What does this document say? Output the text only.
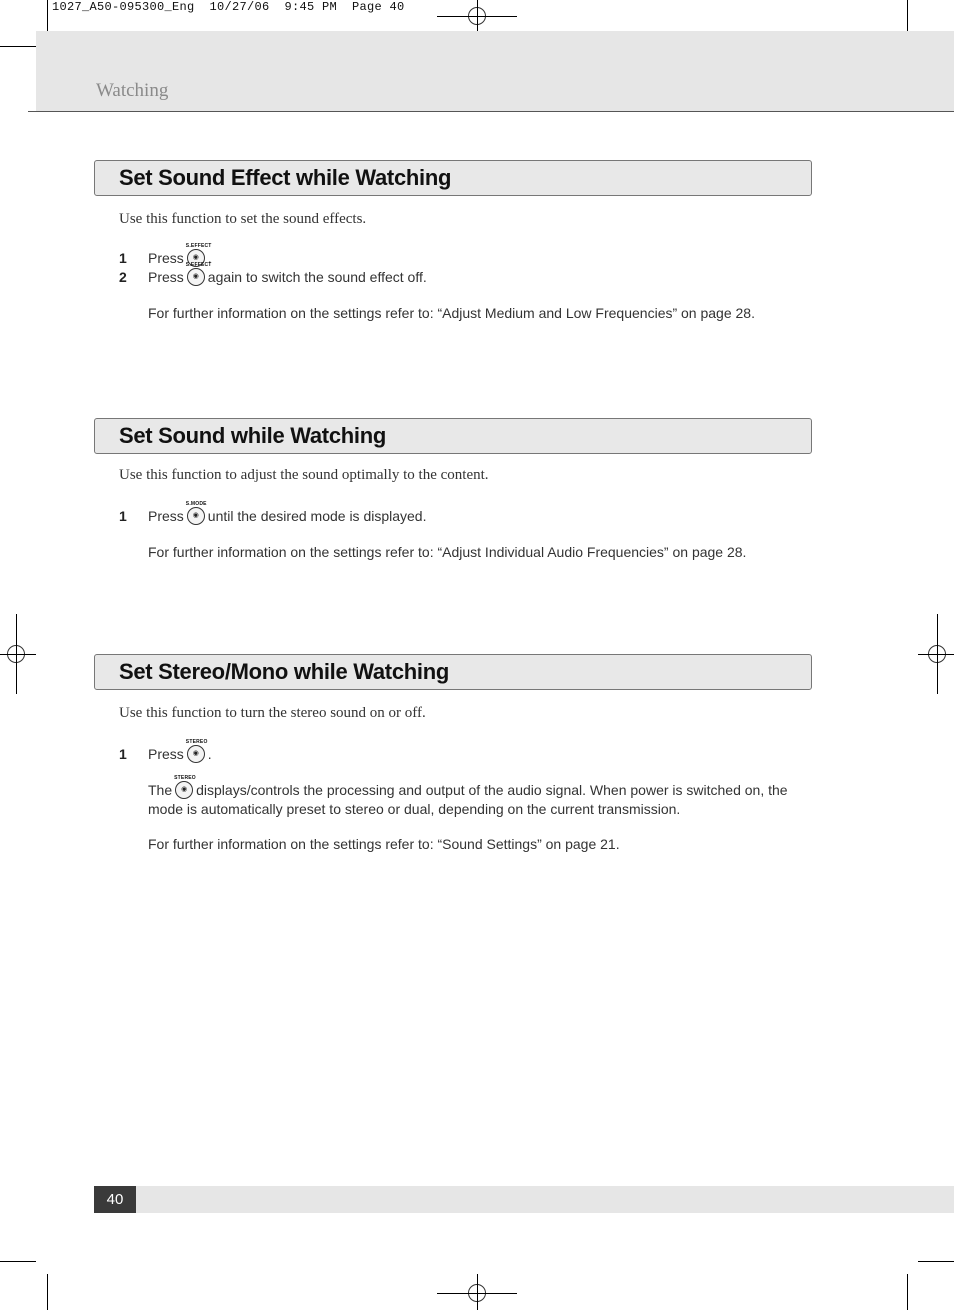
1027_A50-095300_Eng  10/27/06  9:45 PM  Page 40
Watching
Set Sound Effect while Watching
Use this function to set the sound effects.
1 Press
S.EFFECT
◉ .
2 Press
S.EFFECT
◉ again to switch the sound effect off.
For further information on the settings refer to: “Adjust Medium and Low Frequencies” on page 28.
Set Sound while Watching
Use this function to adjust the sound optimally to the content.
1 Press
S.MODE
◉ until the desired mode is displayed.
For further information on the settings refer to: “Adjust Individual Audio Frequencies” on page 28.
Set Stereo/Mono while Watching
Use this function to turn the stereo sound on or off.
1 Press
STEREO
◉ .
The
STEREO
◉ displays/controls the processing and output of the audio signal. When power is switched on, the mode is automatically preset to stereo or dual, depending on the current transmission.
For further information on the settings refer to: “Sound Settings” on page 21.
40
